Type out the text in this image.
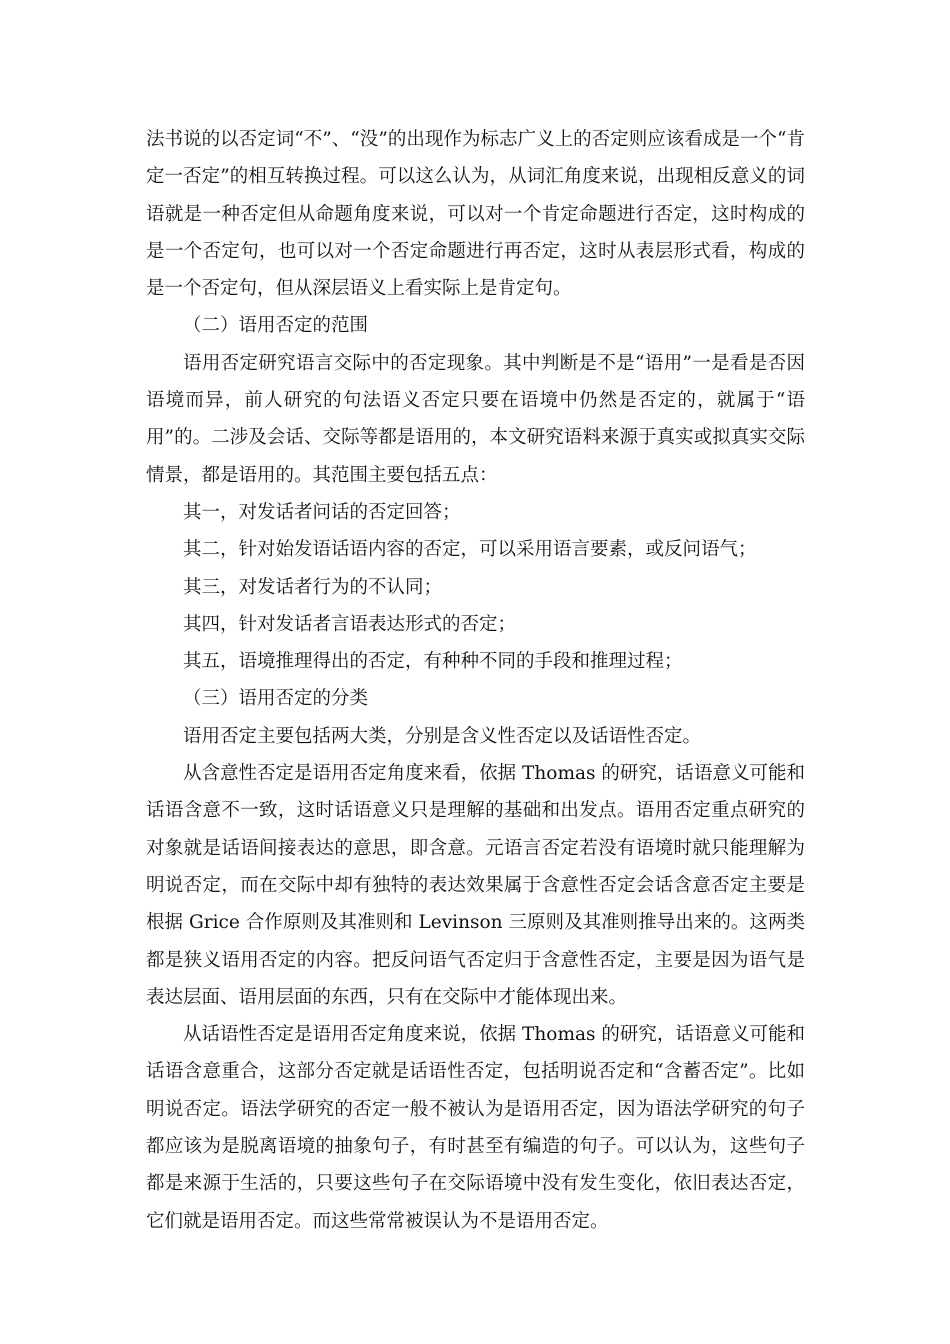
法书说的以否定词“不”、“没”的出现作为标志广义上的否定则应该看成是一个“肯定一否定”的相互转换过程。可以这么认为，从词汇角度来说，出现相反意义的词语就是一种否定但从命题角度来说，可以对一个肯定命题进行否定，这时构成的是一个否定句，也可以对一个否定命题进行再否定，这时从表层形式看，构成的是一个否定句，但从深层语义上看实际上是肯定句。

（二）语用否定的范围

语用否定研究语言交际中的否定现象。其中判断是不是“语用”一是看是否因语境而异，前人研究的句法语义否定只要在语境中仍然是否定的，就属于“语用”的。二涉及会话、交际等都是语用的，本文研究语料来源于真实或拟真实交际情景，都是语用的。其范围主要包括五点：

其一，对发话者问话的否定回答；

其二，针对始发语话语内容的否定，可以采用语言要素，或反问语气；

其三，对发话者行为的不认同；

其四，针对发话者言语表达形式的否定；

其五，语境推理得出的否定，有种种不同的手段和推理过程；

（三）语用否定的分类

语用否定主要包括两大类，分别是含义性否定以及话语性否定。

从含意性否定是语用否定角度来看，依据 Thomas 的研究，话语意义可能和话语含意不一致，这时话语意义只是理解的基础和出发点。语用否定重点研究的对象就是话语间接表达的意思，即含意。元语言否定若没有语境时就只能理解为明说否定，而在交际中却有独特的表达效果属于含意性否定会话含意否定主要是根据 Grice 合作原则及其准则和 Levinson 三原则及其准则推导出来的。这两类都是狭义语用否定的内容。把反问语气否定归于含意性否定，主要是因为语气是表达层面、语用层面的东西，只有在交际中才能体现出来。

从话语性否定是语用否定角度来说，依据 Thomas 的研究，话语意义可能和话语含意重合，这部分否定就是话语性否定，包括明说否定和“含蓄否定”。比如明说否定。语法学研究的否定一般不被认为是语用否定，因为语法学研究的句子都应该为是脱离语境的抽象句子，有时甚至有编造的句子。可以认为，这些句子都是来源于生活的，只要这些句子在交际语境中没有发生变化，依旧表达否定，它们就是语用否定。而这些常常被误认为不是语用否定。
